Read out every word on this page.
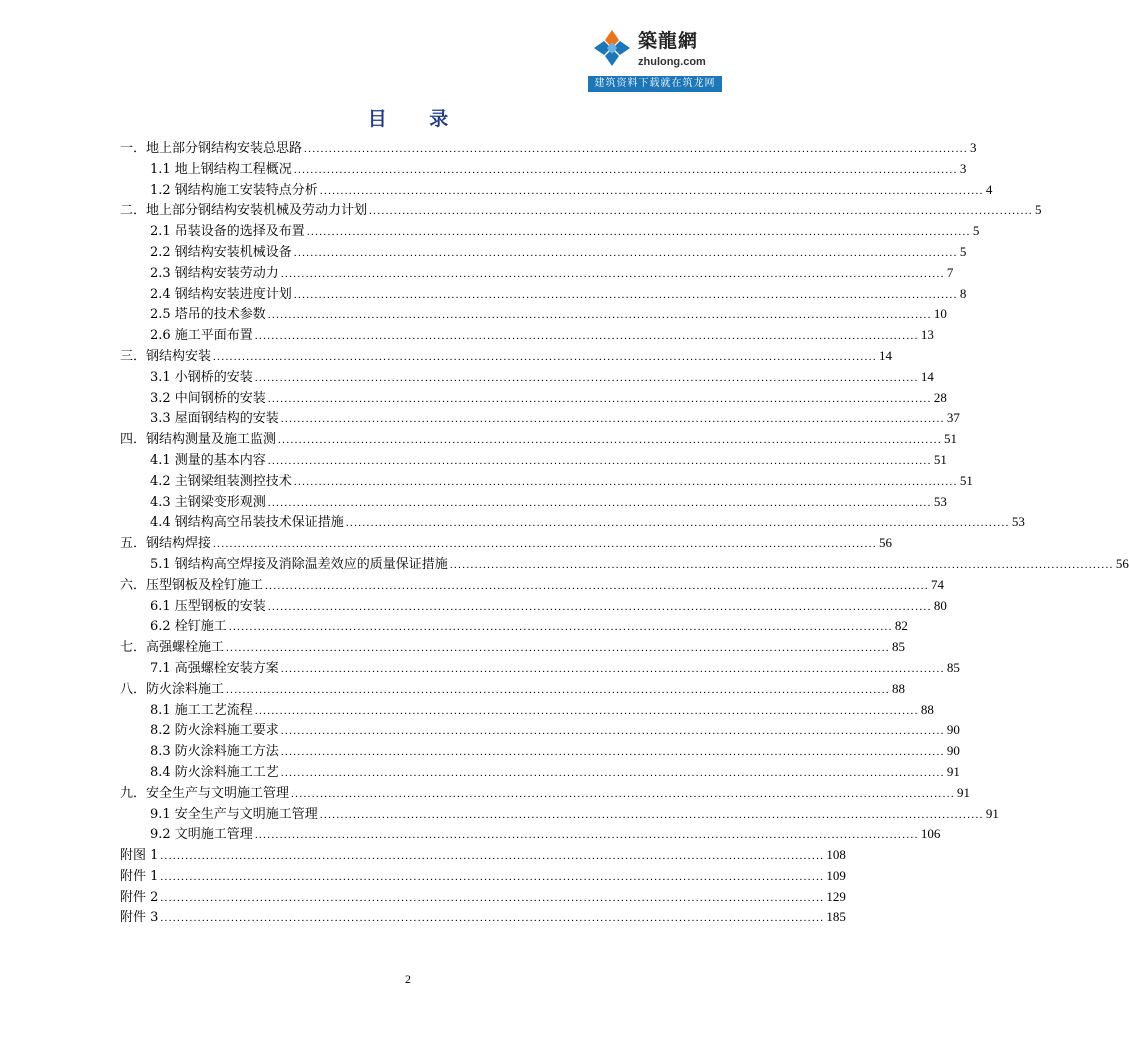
築龍網
zhulong.com
建筑资料下载就在筑龙网
目 录
一．地上部分钢结构安装总思路 ................................................................................................................................................................ 3
1.1 地上钢结构工程概况 ................................................................................................................................................................ 3
1.2 钢结构施工安装特点分析 ................................................................................................................................................................ 4
二．地上部分钢结构安装机械及劳动力计划 ................................................................................................................................................................ 5
2.1 吊装设备的选择及布置 ................................................................................................................................................................ 5
2.2 钢结构安装机械设备 ................................................................................................................................................................ 5
2.3 钢结构安装劳动力 ................................................................................................................................................................ 7
2.4 钢结构安装进度计划 ................................................................................................................................................................ 8
2.5 塔吊的技术参数 ................................................................................................................................................................ 10
2.6 施工平面布置 ................................................................................................................................................................ 13
三．钢结构安装 ................................................................................................................................................................ 14
3.1 小钢桥的安装 ................................................................................................................................................................ 14
3.2 中间钢桥的安装 ................................................................................................................................................................ 28
3.3 屋面钢结构的安装 ................................................................................................................................................................ 37
四．钢结构测量及施工监测 ................................................................................................................................................................ 51
4.1 测量的基本内容 ................................................................................................................................................................ 51
4.2 主钢梁组装测控技术 ................................................................................................................................................................ 51
4.3 主钢梁变形观测 ................................................................................................................................................................ 53
4.4 钢结构高空吊装技术保证措施 ................................................................................................................................................................ 53
五．钢结构焊接 ................................................................................................................................................................ 56
5.1 钢结构高空焊接及消除温差效应的质量保证措施 ................................................................................................................................................................ 56
六．压型钢板及栓钉施工 ................................................................................................................................................................ 74
6.1 压型钢板的安装 ................................................................................................................................................................ 80
6.2 栓钉施工 ................................................................................................................................................................ 82
七．高强螺栓施工 ................................................................................................................................................................ 85
7.1 高强螺栓安装方案 ................................................................................................................................................................ 85
八．防火涂料施工 ................................................................................................................................................................ 88
8.1 施工工艺流程 ................................................................................................................................................................ 88
8.2 防火涂料施工要求 ................................................................................................................................................................ 90
8.3 防火涂料施工方法 ................................................................................................................................................................ 90
8.4 防火涂料施工工艺 ................................................................................................................................................................ 91
九．安全生产与文明施工管理 ................................................................................................................................................................ 91
9.1 安全生产与文明施工管理 ................................................................................................................................................................ 91
9.2 文明施工管理 ................................................................................................................................................................ 106
附图 1 ................................................................................................................................................................ 108
附件 1 ................................................................................................................................................................ 109
附件 2 ................................................................................................................................................................ 129
附件 3 ................................................................................................................................................................ 185
2
